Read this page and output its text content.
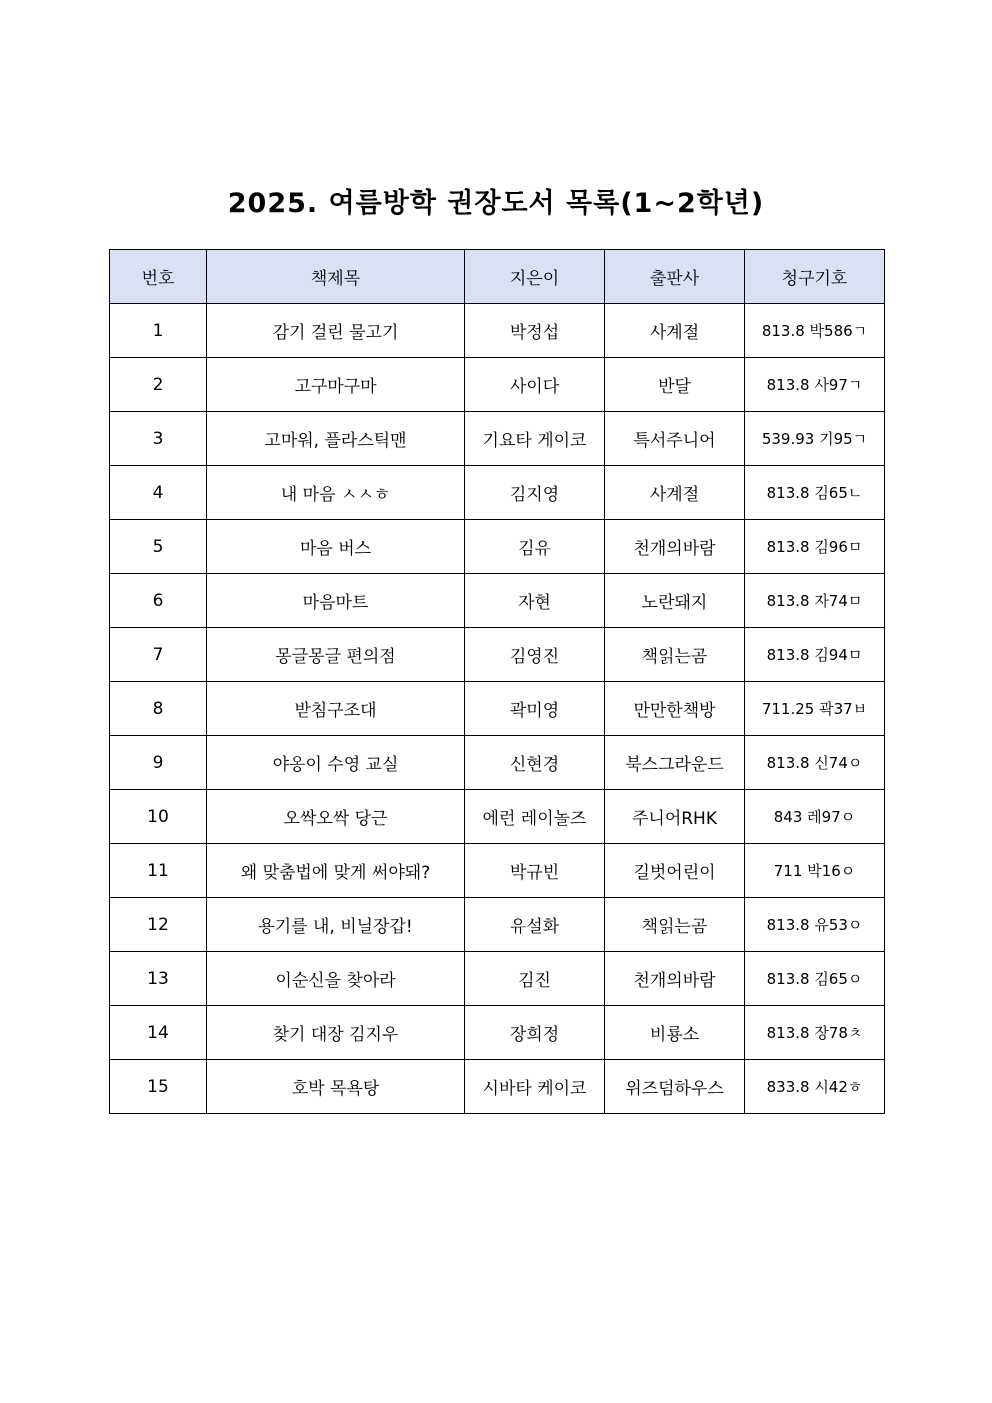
2025. 여름방학 권장도서 목록(1~2학년)
번호	책제목	지은이	출판사	청구기호
1	감기 걸린 물고기	박정섭	사계절	813.8 박586ㄱ
2	고구마구마	사이다	반달	813.8 사97ㄱ
3	고마워, 플라스틱맨	기요타 게이코	특서주니어	539.93 기95ㄱ
4	내 마음 ㅅㅅㅎ	김지영	사계절	813.8 김65ㄴ
5	마음 버스	김유	천개의바람	813.8 김96ㅁ
6	마음마트	자현	노란돼지	813.8 자74ㅁ
7	몽글몽글 편의점	김영진	책읽는곰	813.8 김94ㅁ
8	받침구조대	곽미영	만만한책방	711.25 곽37ㅂ
9	야옹이 수영 교실	신현경	북스그라운드	813.8 신74ㅇ
10	오싹오싹 당근	에런 레이놀즈	주니어RHK	843 레97ㅇ
11	왜 맞춤법에 맞게 써야돼?	박규빈	길벗어린이	711 박16ㅇ
12	용기를 내, 비닐장갑!	유설화	책읽는곰	813.8 유53ㅇ
13	이순신을 찾아라	김진	천개의바람	813.8 김65ㅇ
14	찾기 대장 김지우	장희정	비룡소	813.8 장78ㅊ
15	호박 목욕탕	시바타 케이코	위즈덤하우스	833.8 시42ㅎ
